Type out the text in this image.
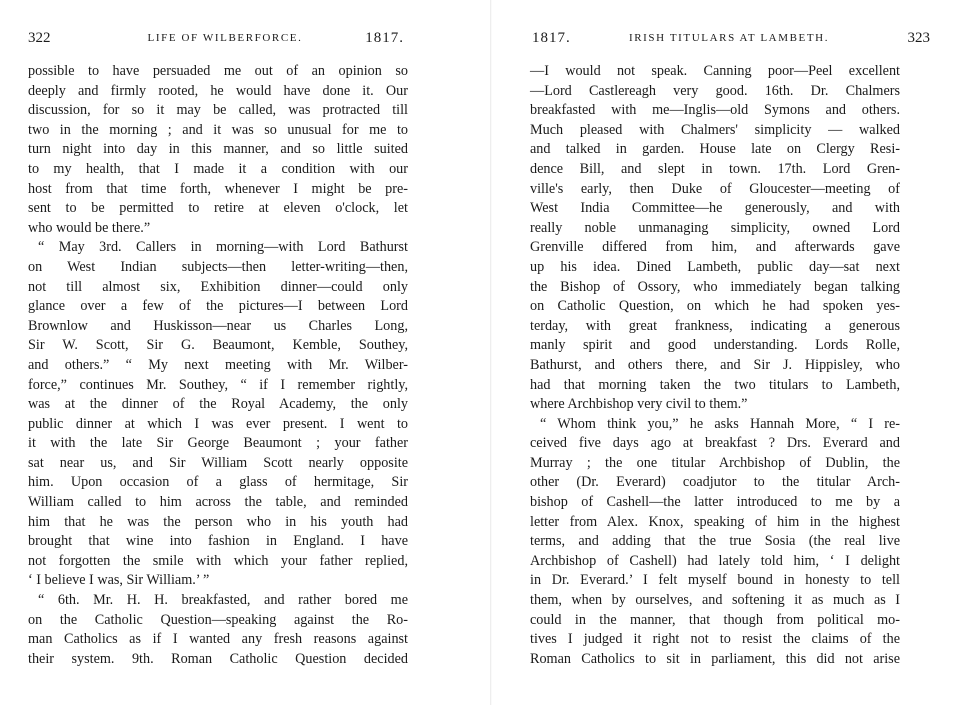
322	LIFE OF WILBERFORCE.	1817.
possible to have persuaded me out of an opinion so
deeply and firmly rooted, he would have done it. Our
discussion, for so it may be called, was protracted till
two in the morning ; and it was so unusual for me to
turn night into day in this manner, and so little suited
to my health, that I made it a condition with our
host from that time forth, whenever I might be pre-
sent to be permitted to retire at eleven o'clock, let
who would be there.”
“ May 3rd. Callers in morning—with Lord Bathurst
on West Indian subjects—then letter-writing—then,
not till almost six, Exhibition dinner—could only
glance over a few of the pictures—I between Lord
Brownlow and Huskisson—near us Charles Long,
Sir W. Scott, Sir G. Beaumont, Kemble, Southey,
and others.” “ My next meeting with Mr. Wilber-
force,” continues Mr. Southey, “ if I remember rightly,
was at the dinner of the Royal Academy, the only
public dinner at which I was ever present. I went to
it with the late Sir George Beaumont ; your father
sat near us, and Sir William Scott nearly opposite
him. Upon occasion of a glass of hermitage, Sir
William called to him across the table, and reminded
him that he was the person who in his youth had
brought that wine into fashion in England. I have
not forgotten the smile with which your father replied,
‘ I believe I was, Sir William.’ ”
“ 6th. Mr. H. H. breakfasted, and rather bored me
on the Catholic Question—speaking against the Ro-
man Catholics as if I wanted any fresh reasons against
their system. 9th. Roman Catholic Question decided
1817.	IRISH TITULARS AT LAMBETH.	323
—I would not speak. Canning poor—Peel excellent
—Lord Castlereagh very good. 16th. Dr. Chalmers
breakfasted with me—Inglis—old Symons and others.
Much pleased with Chalmers' simplicity — walked
and talked in garden. House late on Clergy Resi-
dence Bill, and slept in town. 17th. Lord Gren-
ville's early, then Duke of Gloucester—meeting of
West India Committee—he generously, and with
really noble unmanaging simplicity, owned Lord
Grenville differed from him, and afterwards gave
up his idea. Dined Lambeth, public day—sat next
the Bishop of Ossory, who immediately began talking
on Catholic Question, on which he had spoken yes-
terday, with great frankness, indicating a generous
manly spirit and good understanding. Lords Rolle,
Bathurst, and others there, and Sir J. Hippisley, who
had that morning taken the two titulars to Lambeth,
where Archbishop very civil to them.”
“ Whom think you,” he asks Hannah More, “ I re-
ceived five days ago at breakfast ? Drs. Everard and
Murray ; the one titular Archbishop of Dublin, the
other (Dr. Everard) coadjutor to the titular Arch-
bishop of Cashell—the latter introduced to me by a
letter from Alex. Knox, speaking of him in the highest
terms, and adding that the true Sosia (the real live
Archbishop of Cashell) had lately told him, ‘ I delight
in Dr. Everard.’ I felt myself bound in honesty to tell
them, when by ourselves, and softening it as much as I
could in the manner, that though from political mo-
tives I judged it right not to resist the claims of the
Roman Catholics to sit in parliament, this did not arise
